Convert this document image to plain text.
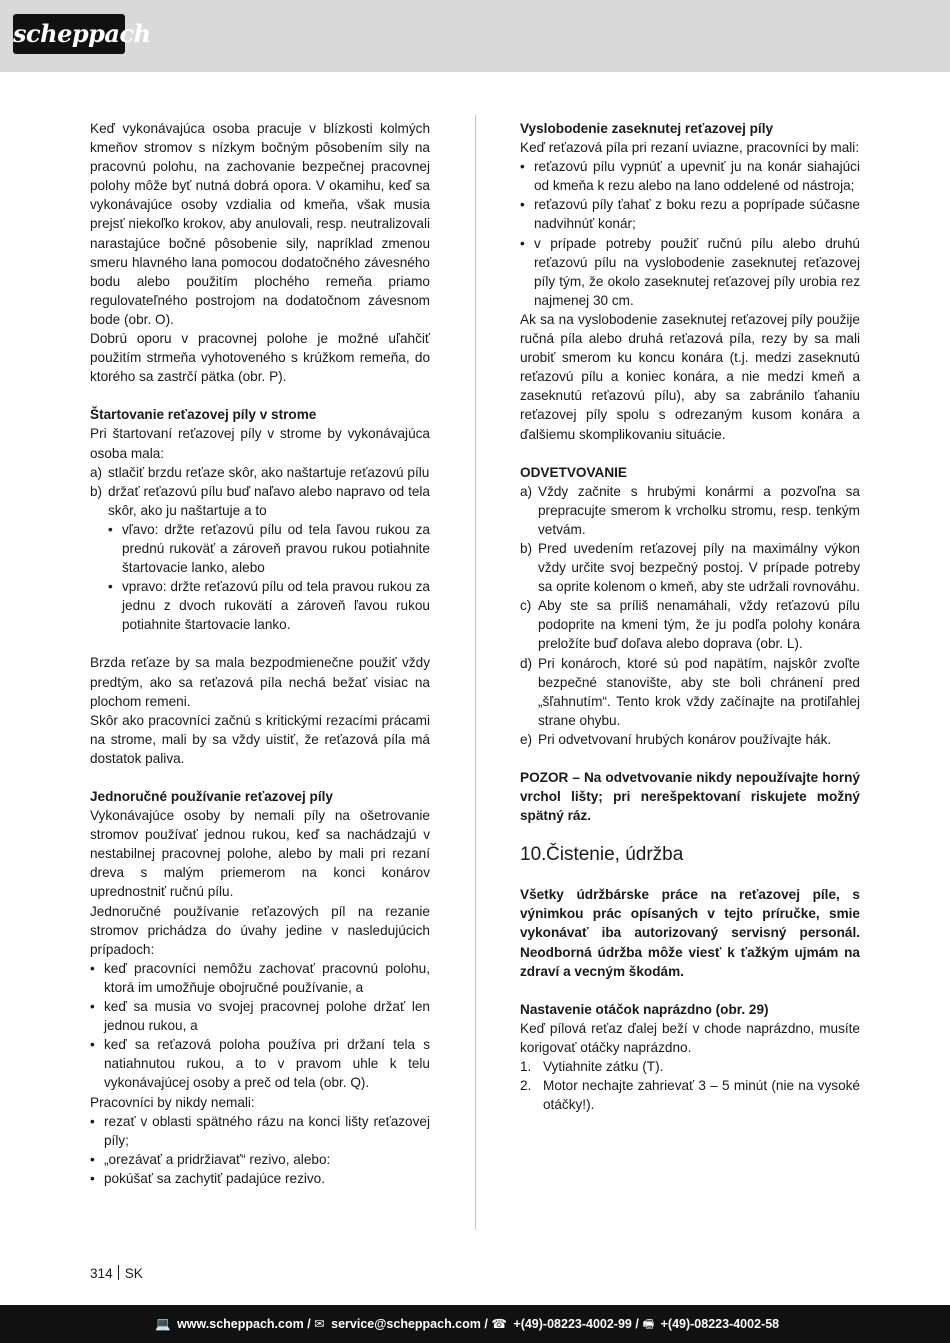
scheppach
Keď vykonávajúca osoba pracuje v blízkosti kolmých kmeňov stromov s nízkym bočným pôsobením sily na pracovnú polohu, na zachovanie bezpečnej pracovnej polohy môže byť nutná dobrá opora. V okamihu, keď sa vykonávajúce osoby vzdialia od kmeňa, však musia prejsť niekoľko krokov, aby anulovali, resp. neutralizovali narastajúce bočné pôsobenie sily, napríklad zmenou smeru hlavného lana pomocou dodatočného závesného bodu alebo použitím plochého remeňa priamo regulovateľného postrojom na dodatočnom závesnom bode (obr. O).
Dobrú oporu v pracovnej polohe je možné uľahčiť použitím strmeňa vyhotoveného s krúžkom remeňa, do ktorého sa zastrčí pätka (obr. P).
Štartovanie reťazovej píly v strome
Pri štartovaní reťazovej píly v strome by vykonávajúca osoba mala:
a) stlačiť brzdu reťaze skôr, ako naštartuje reťazovú pílu
b) držať reťazovú pílu buď naľavo alebo napravo od tela skôr, ako ju naštartuje a to
• vľavo: držte reťazovú pílu od tela ľavou rukou za prednú rukoväť a zároveň pravou rukou potiahnite štartovacie lanko, alebo
• vpravo: držte reťazovú pílu od tela pravou rukou za jednu z dvoch rukovätí a zároveň ľavou rukou potiahnite štartovacie lanko.
Brzda reťaze by sa mala bezpodmienečne použiť vždy predtým, ako sa reťazová píla nechá bežať visiac na plochom remeni.
Skôr ako pracovníci začnú s kritickými rezacími prácami na strome, mali by sa vždy uistiť, že reťazová píla má dostatok paliva.
Jednoručné používanie reťazovej píly
Vykonávajúce osoby by nemali píly na ošetrovanie stromov používať jednou rukou, keď sa nachádzajú v nestabilnej pracovnej polohe, alebo by mali pri rezaní dreva s malým priemerom na konci konárov uprednostniť ručnú pílu.
Jednoručné používanie reťazových píl na rezanie stromov prichádza do úvahy jedine v nasledujúcich prípadoch:
• keď pracovníci nemôžu zachovať pracovnú polohu, ktorá im umožňuje obojručné používanie, a
• keď sa musia vo svojej pracovnej polohe držať len jednou rukou, a
• keď sa reťazová poloha používa pri držaní tela s natiahnutou rukou, a to v pravom uhle k telu vykonávajúcej osoby a preč od tela (obr. Q).
Pracovníci by nikdy nemali:
• rezať v oblasti spätného rázu na konci lišty reťazovej píly;
• „orezávať a pridržiavať“ rezivo, alebo:
• pokúšať sa zachytiť padajúce rezivo.
Vyslobodenie zaseknutej reťazovej píly
Keď reťazová píla pri rezaní uviazne, pracovníci by mali:
• reťazovú pílu vypnúť a upevniť ju na konár siahajúci od kmeňa k rezu alebo na lano oddelené od nástroja;
• reťazovú píly ťahať z boku rezu a poprípade súčasne nadvihnúť konár;
• v prípade potreby použiť ručnú pílu alebo druhú reťazovú pílu na vyslobodenie zaseknutej reťazovej píly tým, že okolo zaseknutej reťazovej píly urobia rez najmenej 30 cm.
Ak sa na vyslobodenie zaseknutej reťazovej píly použije ručná píla alebo druhá reťazová píla, rezy by sa mali urobiť smerom ku koncu konára (t.j. medzi zaseknutú reťazovú pílu a koniec konára, a nie medzi kmeň a zaseknutú reťazovú pílu), aby sa zabránilo ťahaniu reťazovej píly spolu s odrezaným kusom konára a ďalšiemu skomplikovaniu situácie.
ODVETVOVANIE
a) Vždy začnite s hrubými konármi a pozvoľna sa prepracujte smerom k vrcholku stromu, resp. tenkým vetvám.
b) Pred uvedením reťazovej píly na maximálny výkon vždy určite svoj bezpečný postoj. V prípade potreby sa oprite kolenom o kmeň, aby ste udržali rovnováhu.
c) Aby ste sa príliš nenamáhali, vždy reťazovú pílu podoprite na kmeni tým, že ju podľa polohy konára preložíte buď doľava alebo doprava (obr. L).
d) Pri konároch, ktoré sú pod napätím, najskôr zvoľte bezpečné stanovište, aby ste boli chránení pred „šľahnutím“. Tento krok vždy začínajte na protiľahlej strane ohybu.
e) Pri odvetvovaní hrubých konárov používajte hák.
POZOR – Na odvetvovanie nikdy nepoužívajte horný vrchol lišty; pri nerešpektovaní riskujete možný spätný ráz.
10.Čistenie, údržba
Všetky údržbárske práce na reťazovej píle, s výnimkou prác opísaných v tejto príručke, smie vykonávať iba autorizovaný servisný personál. Neodborná údržba môže viesť k ťažkým ujmám na zdraví a vecným škodám.
Nastavenie otáčok naprázdno (obr. 29)
Keď pílová reťaz ďalej beží v chode naprázdno, musíte korigovať otáčky naprázdno.
1. Vytiahnite zátku (T).
2. Motor nechajte zahrievať 3 – 5 minút (nie na vysoké otáčky!).
314 SK
💻 www.scheppach.com / ✉ service@scheppach.com / ☎ +(49)-08223-4002-99 / 🖷 +(49)-08223-4002-58
